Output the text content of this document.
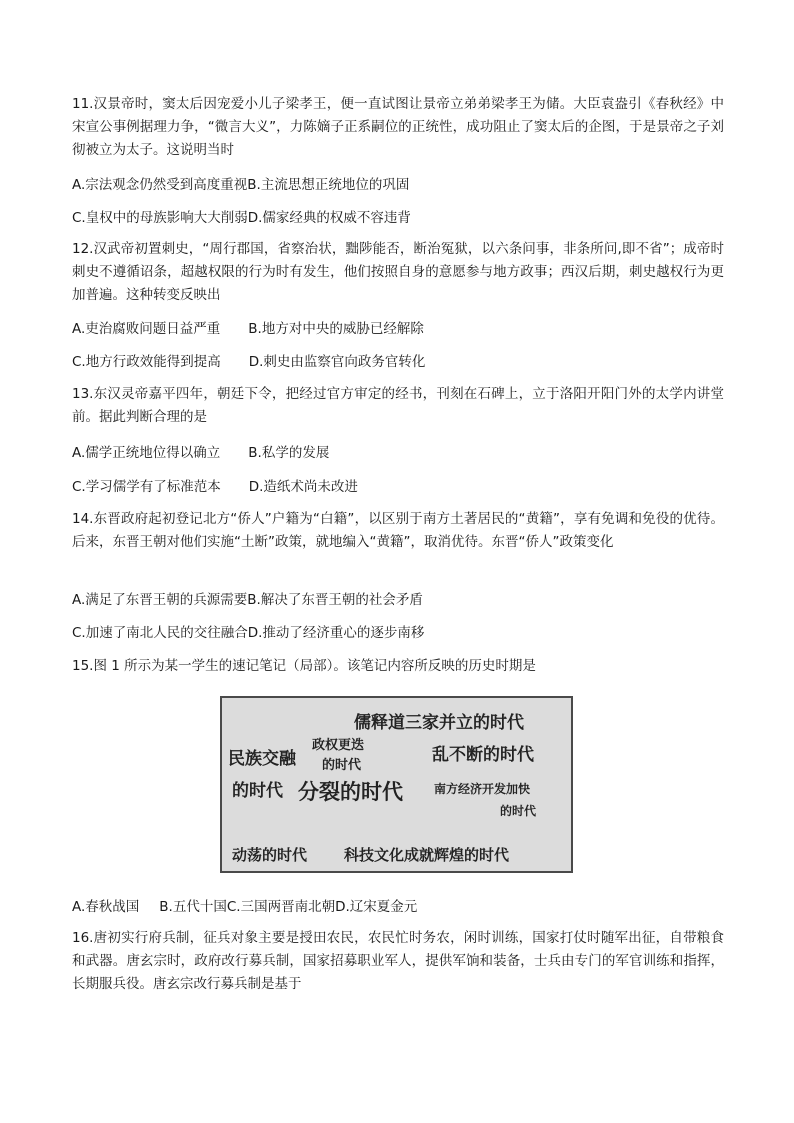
11.汉景帝时，窦太后因宠爱小儿子梁孝王，便一直试图让景帝立弟弟梁孝王为储。大臣袁盎引《春秋经》中宋宣公事例据理力争，“微言大义”，力陈嫡子正系嗣位的正统性，成功阻止了窦太后的企图，于是景帝之子刘彻被立为太子。这说明当时

A.宗法观念仍然受到高度重视B.主流思想正统地位的巩固

C.皇权中的母族影响大大削弱D.儒家经典的权威不容违背

12.汉武帝初置刺史，“周行郡国，省察治状，黜陟能否，断治冤狱，以六条问事，非条所问,即不省”；成帝时刺史不遵循诏条，超越权限的行为时有发生，他们按照自身的意愿参与地方政事；西汉后期，刺史越权行为更加普遍。这种转变反映出

A.吏治腐败问题日益严重 B.地方对中央的威胁已经解除

C.地方行政效能得到提高 D.刺史由监察官向政务官转化

13.东汉灵帝嘉平四年，朝廷下令，把经过官方审定的经书，刊刻在石碑上，立于洛阳开阳门外的太学内讲堂前。据此判断合理的是

A.儒学正统地位得以确立 B.私学的发展

C.学习儒学有了标准范本 D.造纸术尚未改进

14.东晋政府起初登记北方“侨人”户籍为“白籍”，以区别于南方土著居民的“黄籍”，享有免调和免役的优待。后来，东晋王朝对他们实施“土断”政策，就地编入“黄籍”，取消优待。东晋“侨人”政策变化

A.满足了东晋王朝的兵源需要B.解决了东晋王朝的社会矛盾

C.加速了南北人民的交往融合D.推动了经济重心的逐步南移

15.图 1 所示为某一学生的速记笔记（局部）。该笔记内容所反映的历史时期是

儒释道三家并立的时代
政权更迭
的时代
民族交融	乱不断的时代
的时代 分裂的时代	南方经济开发加快
的时代
动荡的时代 科技文化成就辉煌的时代

A.春秋战国 B.五代十国C.三国两晋南北朝D.辽宋夏金元

16.唐初实行府兵制，征兵对象主要是授田农民，农民忙时务农，闲时训练，国家打仗时随军出征，自带粮食和武器。唐玄宗时，政府改行募兵制，国家招募职业军人，提供军饷和装备，士兵由专门的军官训练和指挥，长期服兵役。唐玄宗改行募兵制是基于
